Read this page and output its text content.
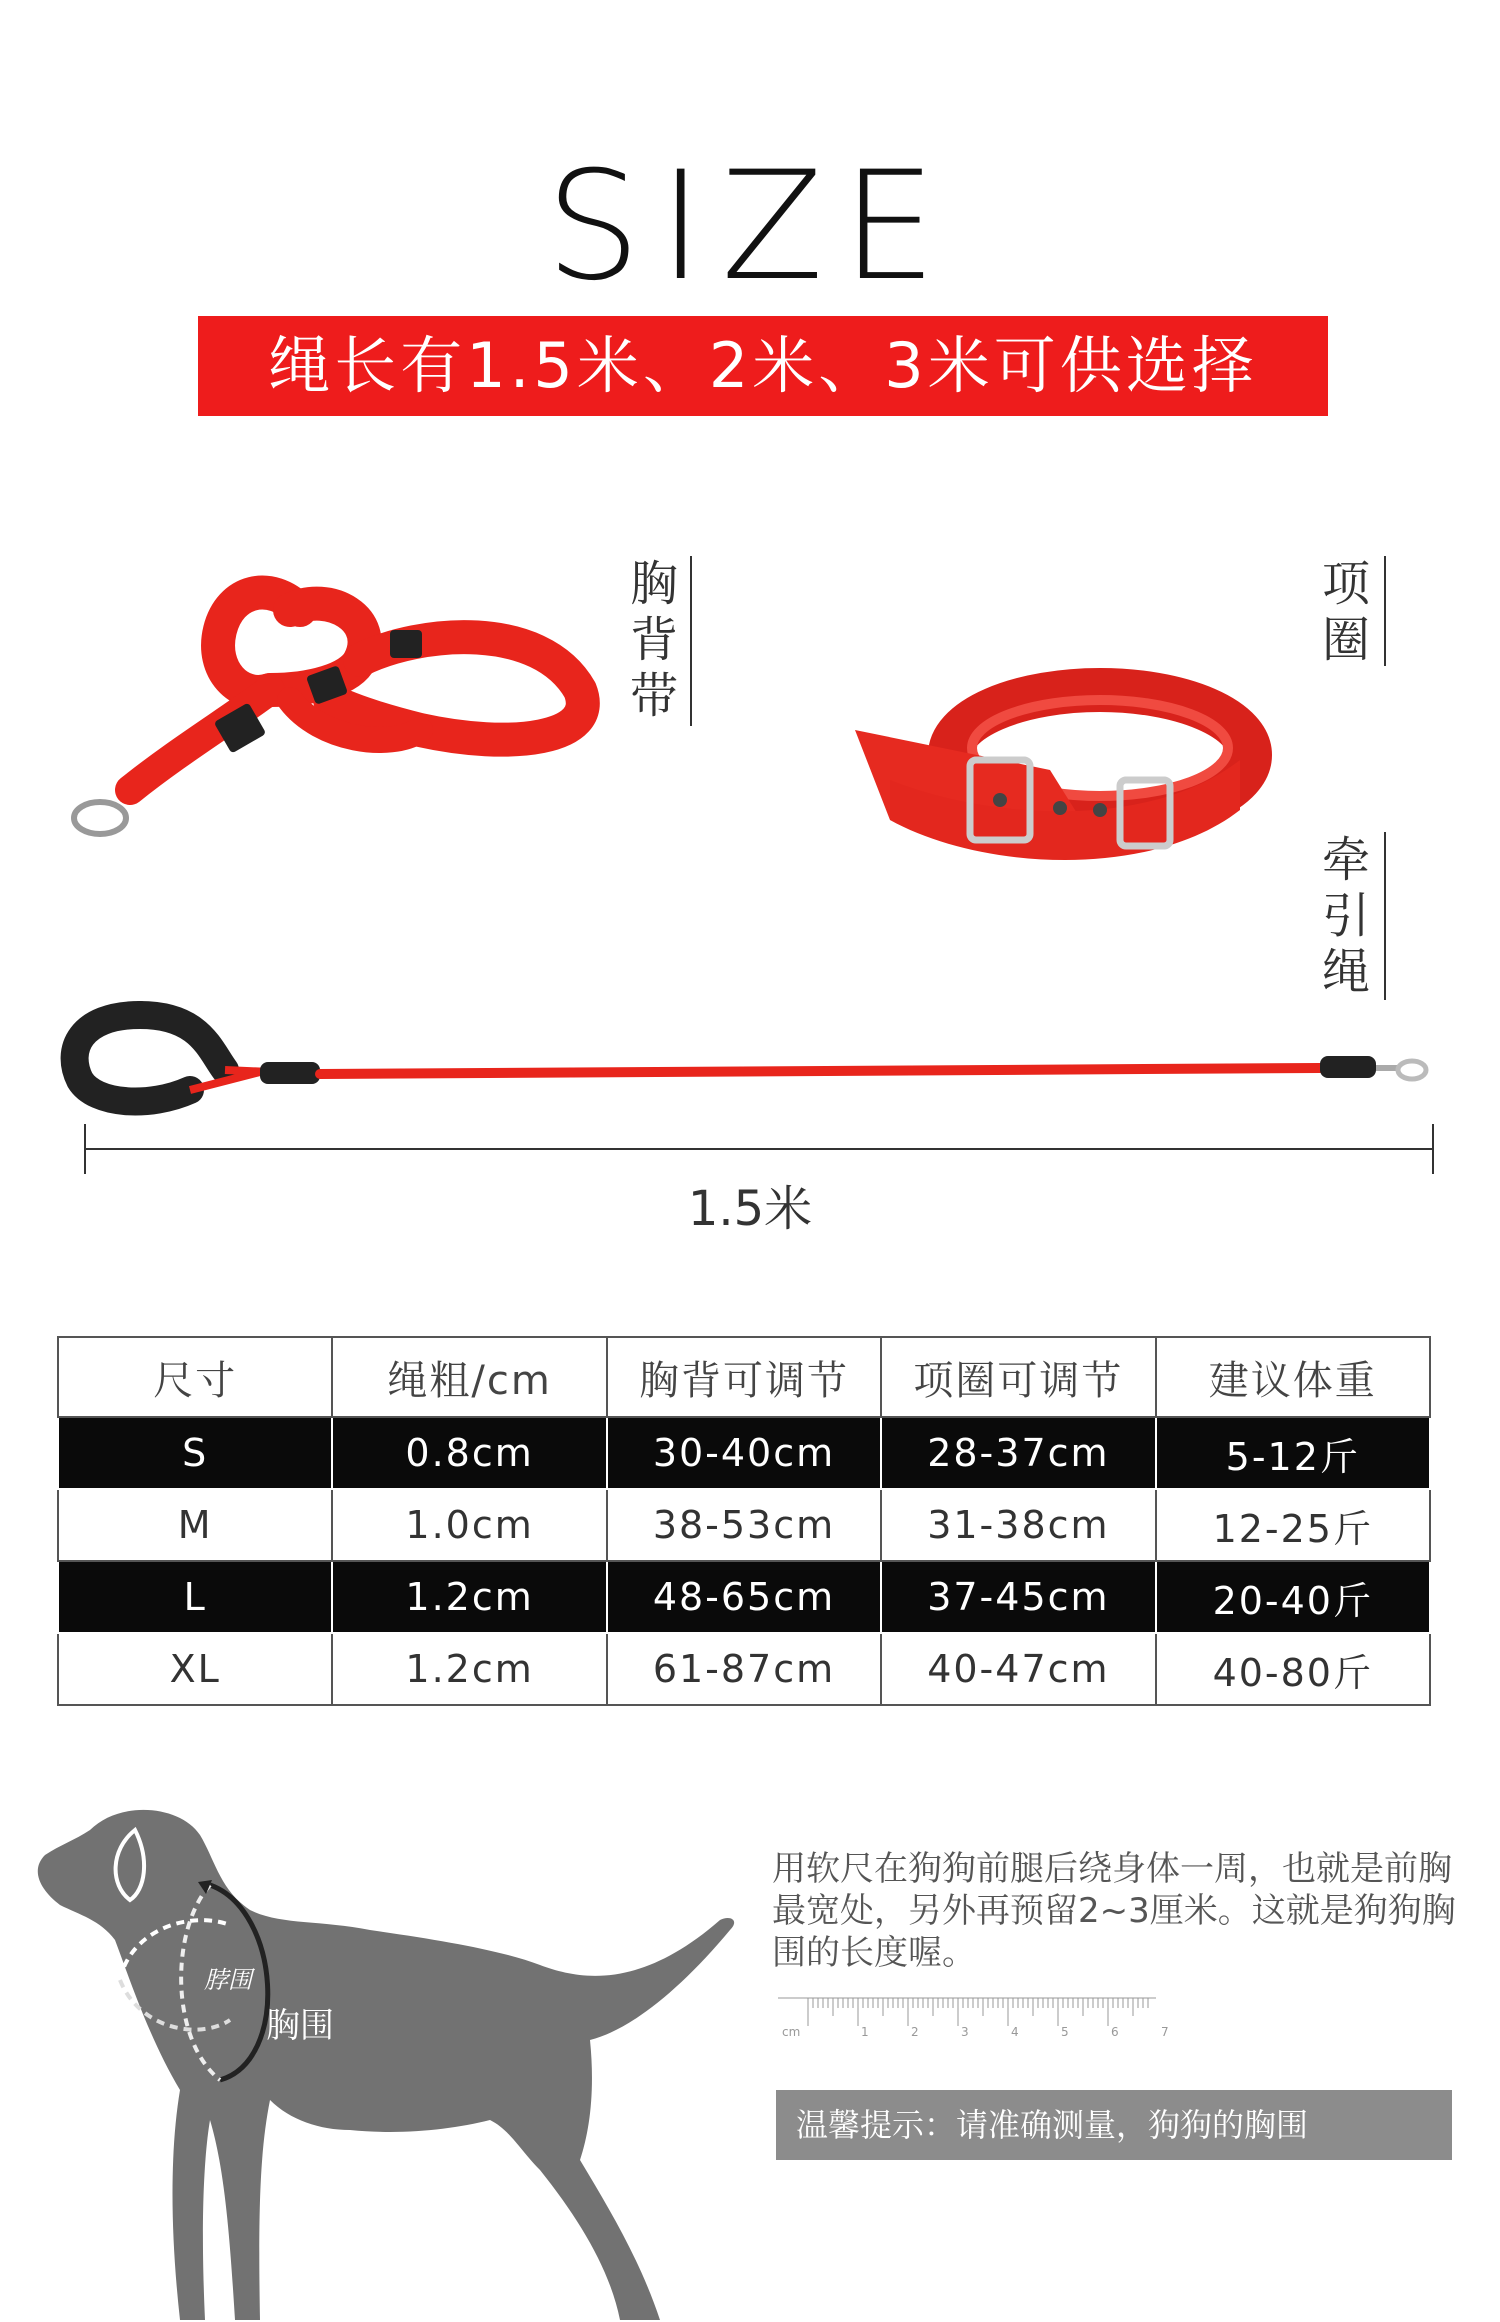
SIZE
绳长有1.5米、2米、3米可供选择
胸
背
带
项
圈
牵
引
绳
1.5米
尺寸	绳粗/cm	胸背可调节	项圈可调节	建议体重
S	0.8cm	30-40cm	28-37cm	5-12斤
M	1.0cm	38-53cm	31-38cm	12-25斤
L	1.2cm	48-65cm	37-45cm	20-40斤
XL	1.2cm	61-87cm	40-47cm	40-80斤
脖围
胸围
用软尺在狗狗前腿后绕身体一周，也就是前胸最宽处，另外再预留2~3厘米。这就是狗狗胸围的长度喔。
cm	1	2	3	4	5	6	7
温馨提示：请准确测量，狗狗的胸围
